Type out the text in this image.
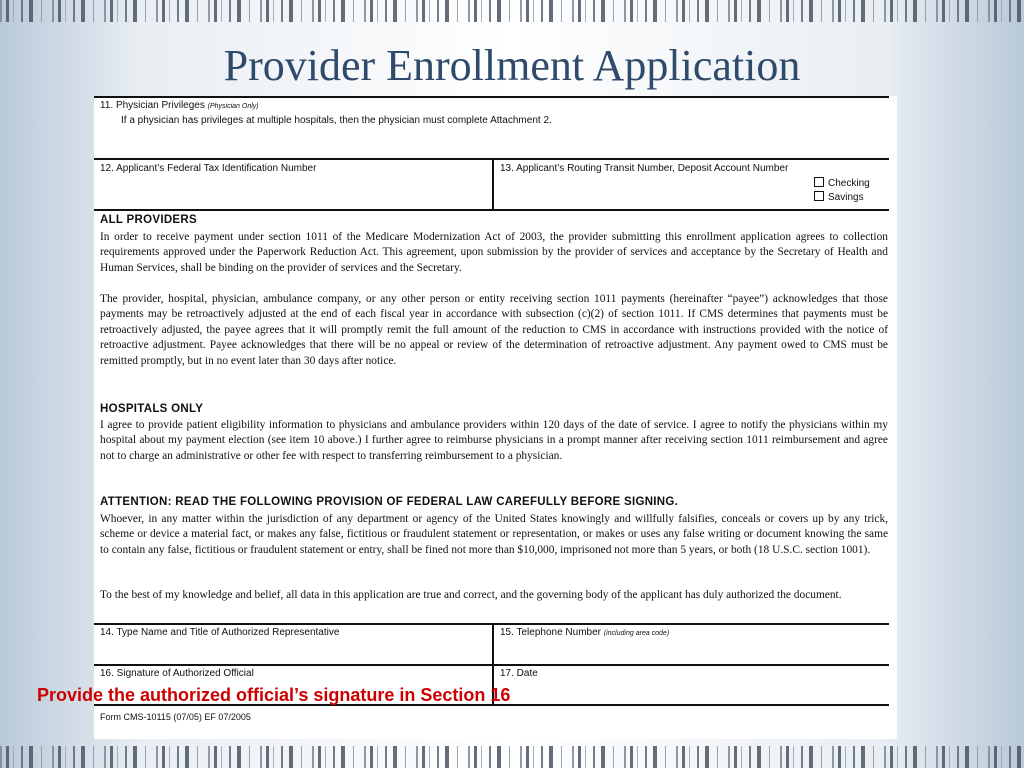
Provider Enrollment Application
11. Physician Privileges (Physician Only)
If a physician has privileges at multiple hospitals, then the physician must complete Attachment 2.
12. Applicant’s Federal Tax Identification Number	13. Applicant’s Routing Transit Number, Deposit Account Number
Checking
Savings
ALL PROVIDERS

In order to receive payment under section 1011 of the Medicare Modernization Act of 2003, the provider submitting this enrollment application agrees to collection requirements approved under the Paperwork Reduction Act. This agreement, upon submission by the provider of services and acceptance by the Secretary of Health and Human Services, shall be binding on the provider of services and the Secretary.

The provider, hospital, physician, ambulance company, or any other person or entity receiving section 1011 payments (hereinafter “payee”) acknowledges that those payments may be retroactively adjusted at the end of each fiscal year in accordance with subsection (c)(2) of section 1011. If CMS determines that payments must be retroactively adjusted, the payee agrees that it will promptly remit the full amount of the reduction to CMS in accordance with instructions provided with the notice of retroactive adjustment. Payee acknowledges that there will be no appeal or review of the determination of retroactive adjustment. Any payment owed to CMS must be remitted promptly, but in no event later than 30 days after notice.

HOSPITALS ONLY

I agree to provide patient eligibility information to physicians and ambulance providers within 120 days of the date of service. I agree to notify the physicians within my hospital about my payment election (see item 10 above.) I further agree to reimburse physicians in a prompt manner after receiving section 1011 reimbursement and agree not to charge an administrative or other fee with respect to transferring reimbursement to a physician.

ATTENTION: READ THE FOLLOWING PROVISION OF FEDERAL LAW CAREFULLY BEFORE SIGNING.

Whoever, in any matter within the jurisdiction of any department or agency of the United States knowingly and willfully falsifies, conceals or covers up by any trick, scheme or device a material fact, or makes any false, fictitious or fraudulent statement or representation, or makes or uses any false writing or document knowing the same to contain any false, fictitious or fraudulent statement or entry, shall be fined not more than $10,000, imprisoned not more than 5 years, or both (18 U.S.C. section 1001).

To the best of my knowledge and belief, all data in this application are true and correct, and the governing body of the applicant has duly authorized the document.

14. Type Name and Title of Authorized Representative	15. Telephone Number (including area code)
16. Signature of Authorized Official	17. Date
Form CMS-10115 (07/05) EF 07/2005
Provide the authorized official’s signature in Section 16
